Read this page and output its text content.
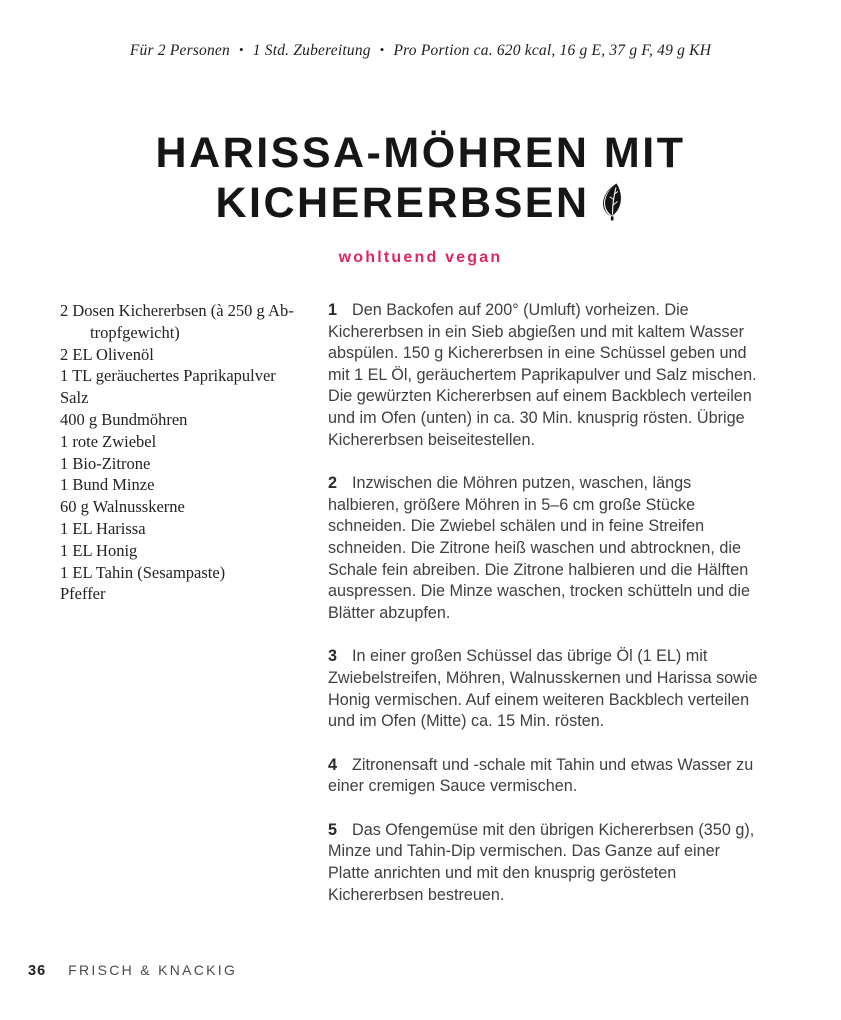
Für 2 Personen • 1 Std. Zubereitung • Pro Portion ca. 620 kcal, 16 g E, 37 g F, 49 g KH
HARISSA-MÖHREN MIT
KICHERERBSEN
wohltuend vegan
2 Dosen Kichererbsen (à 250 g Ab-
tropfgewicht)
2 EL Olivenöl
1 TL geräuchertes Paprikapulver
Salz
400 g Bundmöhren
1 rote Zwiebel
1 Bio-Zitrone
1 Bund Minze
60 g Walnusskerne
1 EL Harissa
1 EL Honig
1 EL Tahin (Sesampaste)
Pfeffer

1 Den Backofen auf 200° (Umluft) vorheizen. Die Kichererbsen in ein Sieb abgießen und mit kaltem Wasser abspülen. 150 g Kichererbsen in eine Schüssel geben und mit 1 EL Öl, geräuchertem Paprikapulver und Salz mischen. Die gewürzten Kichererbsen auf einem Backblech verteilen und im Ofen (unten) in ca. 30 Min. knusprig rösten. Übrige Kichererbsen beiseitestellen.

2 Inzwischen die Möhren putzen, waschen, längs halbieren, größere Möhren in 5–6 cm große Stücke schneiden. Die Zwiebel schälen und in feine Streifen schneiden. Die Zitrone heiß waschen und abtrocknen, die Schale fein abreiben. Die Zitrone halbieren und die Hälften auspressen. Die Minze waschen, trocken schütteln und die Blätter abzupfen.

3 In einer großen Schüssel das übrige Öl (1 EL) mit Zwiebelstreifen, Möhren, Walnusskernen und Harissa sowie Honig vermischen. Auf einem weiteren Backblech verteilen und im Ofen (Mitte) ca. 15 Min. rösten.

4 Zitronensaft und -schale mit Tahin und etwas Wasser zu einer cremigen Sauce vermischen.

5 Das Ofengemüse mit den übrigen Kichererbsen (350 g), Minze und Tahin-Dip vermischen. Das Ganze auf einer Platte anrichten und mit den knusprig gerösteten Kichererbsen bestreuen.

36 FRISCH & KNACKIG
